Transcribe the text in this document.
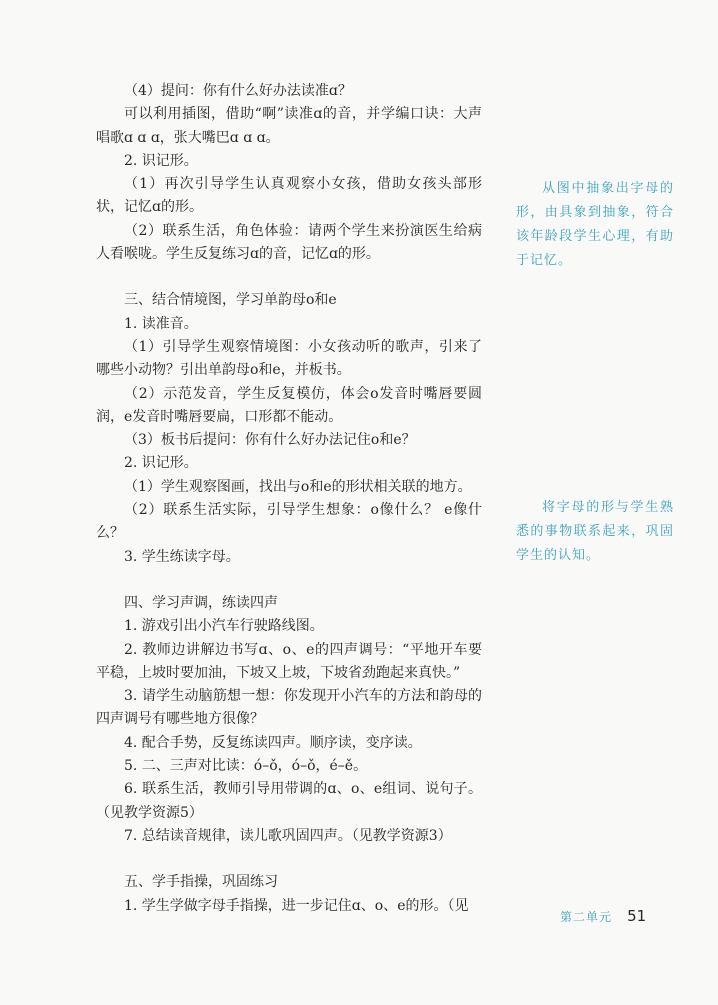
（4）提问：你有什么好办法读准ɑ？

可以利用插图，借助“啊”读准ɑ的音，并学编口诀：大声唱歌ɑ ɑ ɑ，张大嘴巴ɑ ɑ ɑ。

2. 识记形。

（1）再次引导学生认真观察小女孩，借助女孩头部形状，记忆ɑ的形。

（2）联系生活，角色体验：请两个学生来扮演医生给病人看喉咙。学生反复练习ɑ的音，记忆ɑ的形。

三、结合情境图，学习单韵母o和e

1. 读准音。

（1）引导学生观察情境图：小女孩动听的歌声，引来了哪些小动物？引出单韵母o和e，并板书。

（2）示范发音，学生反复模仿，体会o发音时嘴唇要圆润，e发音时嘴唇要扁，口形都不能动。

（3）板书后提问：你有什么好办法记住o和e？

2. 识记形。

（1）学生观察图画，找出与o和e的形状相关联的地方。

（2）联系生活实际，引导学生想象：o像什么？ e像什么？

3. 学生练读字母。

四、学习声调，练读四声

1. 游戏引出小汽车行驶路线图。

2. 教师边讲解边书写ɑ、o、e的四声调号：“平地开车要平稳，上坡时要加油，下坡又上坡，下坡省劲跑起来真快。”

3. 请学生动脑筋想一想：你发现开小汽车的方法和韵母的四声调号有哪些地方很像？

4. 配合手势，反复练读四声。顺序读，变序读。

5. 二、三声对比读：ó–ǒ，ó–ǒ，é–ě。

6. 联系生活，教师引导用带调的ɑ、o、e组词、说句子。（见教学资源5）

7. 总结读音规律，读儿歌巩固四声。（见教学资源3）

五、学手指操，巩固练习

1. 学生学做字母手指操，进一步记住ɑ、o、e的形。（见

从图中抽象出字母的形，由具象到抽象，符合该年龄段学生心理，有助于记忆。
将字母的形与学生熟悉的事物联系起来，巩固学生的认知。
第二单元 51
